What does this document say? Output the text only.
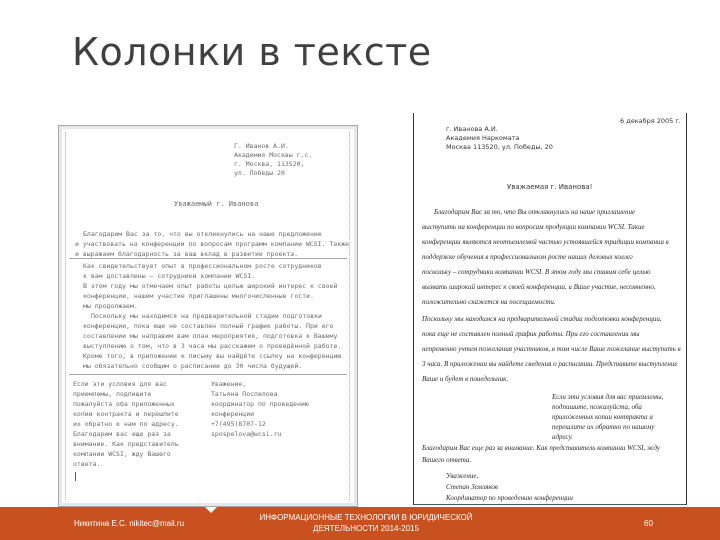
Колонки в тексте
Г. Иванов А.И.
Академия Москвы г.с.
г. Москва, 113520,
ул. Победы 20
Уважаемый г. Иванова
Благодарим Вас за то, что вы откликнулись на наше предложение
и участвовать на конференции по вопросам программ компании WCSI. Также
и выражаем благодарность за ваш вклад в развитие проекта.
Как свидетельствует опыт в профессиональном росте сотрудников
к вам доставлены – сотрудники компании WCSI.
В этом году мы отмечаем опыт работы целью широкий интерес к своей
конференции, нашем участие приглашены многочисленные гости.
мы продолжаем.
Поскольку мы находимся на предварительной стадии подготовки
конференции, пока еще не составлен полный график работы. При его
составлении мы направим вам план мероприятия, подготовка к Вашему
выступлению о том, что в 3 часа мы расскажем о проведённой работе.
Кроме того, в приложении к письму вы найдёте ссылку на конференцию
мы обязательно сообщим о расписании до 30 числа будущей.
Если эти условия для вас
приемлемы, подпишите
пожалуйста оба приложенных
копии контракта и перешлите
их обратно к нам по адресу.
Благодарим вас еще раз за
внимание. Как представитель
компании WCSI, жду Вашего
ответа.
Уважение,
Татьяна Поспелова
координатор по проведению
конференции
+7(495)8707-12
spospelova@wcsi.ru
6 декабря 2005 г.
г. Иванова А.И.
Академия Наркомата
Москва 113520, ул. Победы, 20
Уважаемая г. Иванова!
Благодарим Вас за то, что Вы откликнулись на наше приглашение
выступить на конференции по вопросам продукции компании WCSI. Такие
конференции являются неотъемлемой частью устоявшейся традиции компании в
поддержке обучения в профессиональном росте наших деловых коллег
поскольку – сотрудники компании WCSI. В этом году мы ставим себе целью
вызвать широкий интерес к своей конференции, и Ваше участие, несомненно,
положительно скажется на посещаемости.
Поскольку мы находимся на предварительной стадии подготовки конференции,
пока еще не составлен полный график работы. При его составлении мы
непременно учтем пожелания участников, в том числе Ваше пожелание выступить в
3 часа. В приложении вы найдете сведения о расписании. Представьте выступление
Ваше и будет в понедельник.
Если эти условия для вас приемлемы,
подпишите, пожалуйста, оба
приложенных копии контракта и
перешлите их обратно по нашему
адресу.
Благодарим Вас еще раз за внимание. Как представитель компании WCSI, жду
Вашего ответа.
Уважение,
Степан Земляков
Координатор по проведению конференции
Никитина Е.С. nikitec@mail.ru
ИНФОРМАЦИОННЫЕ ТЕХНОЛОГИИ В ЮРИДИЧЕСКОЙ ДЕЯТЕЛЬНОСТИ 2014-2015
60
